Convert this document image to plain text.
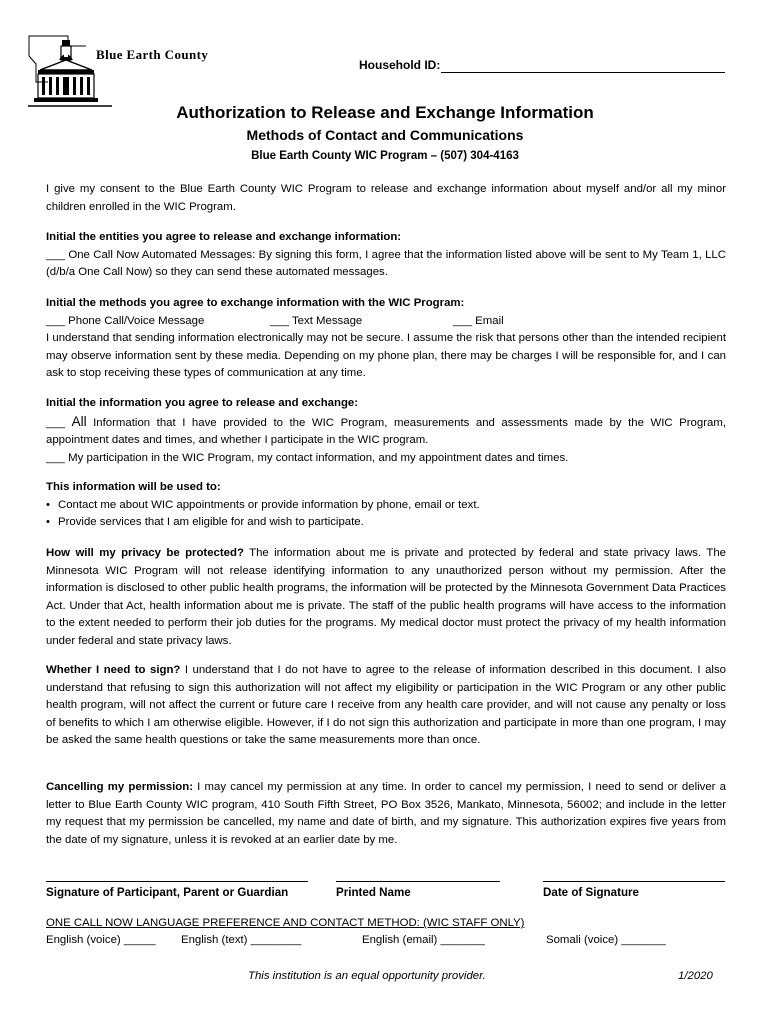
Blue Earth County
Household ID:
Authorization to Release and Exchange Information
Methods of Contact and Communications
Blue Earth County WIC Program – (507) 304-4163

I give my consent to the Blue Earth County WIC Program to release and exchange information about myself and/or all my minor children enrolled in the WIC Program.

Initial the entities you agree to release and exchange information:

___ One Call Now Automated Messages: By signing this form, I agree that the information listed above will be sent to My Team 1, LLC (d/b/a One Call Now) so they can send these automated messages.

Initial the methods you agree to exchange information with the WIC Program:

___ Phone Call/Voice Message	___ Text Message	___ Email

I understand that sending information electronically may not be secure. I assume the risk that persons other than the intended recipient may observe information sent by these media. Depending on my phone plan, there may be charges I will be responsible for, and I can ask to stop receiving these types of communication at any time.

Initial the information you agree to release and exchange:

___ All Information that I have provided to the WIC Program, measurements and assessments made by the WIC Program, appointment dates and times, and whether I participate in the WIC program.

___ My participation in the WIC Program, my contact information, and my appointment dates and times.

This information will be used to:

• Contact me about WIC appointments or provide information by phone, email or text.

• Provide services that I am eligible for and wish to participate.

How will my privacy be protected? The information about me is private and protected by federal and state privacy laws. The Minnesota WIC Program will not release identifying information to any unauthorized person without my permission. After the information is disclosed to other public health programs, the information will be protected by the Minnesota Government Data Practices Act. Under that Act, health information about me is private. The staff of the public health programs will have access to the information to the extent needed to perform their job duties for the programs. My medical doctor must protect the privacy of my health information under federal and state privacy laws.

Whether I need to sign? I understand that I do not have to agree to the release of information described in this document. I also understand that refusing to sign this authorization will not affect my eligibility or participation in the WIC Program or any other public health program, will not affect the current or future care I receive from any health care provider, and will not cause any penalty or loss of benefits to which I am otherwise eligible. However, if I do not sign this authorization and participate in more than one program, I may be asked the same health questions or take the same measurements more than once.

Cancelling my permission: I may cancel my permission at any time. In order to cancel my permission, I need to send or deliver a letter to Blue Earth County WIC program, 410 South Fifth Street, PO Box 3526, Mankato, Minnesota, 56002; and include in the letter my request that my permission be cancelled, my name and date of birth, and my signature. This authorization expires five years from the date of my signature, unless it is revoked at an earlier date by me.

Signature of Participant, Parent or Guardian	Printed Name	Date of Signature
ONE CALL NOW LANGUAGE PREFERENCE AND CONTACT METHOD: (WIC STAFF ONLY)
English (voice) _____ English (text) ________	English (email) _______	Somali (voice) _______
This institution is an equal opportunity provider.	1/2020
